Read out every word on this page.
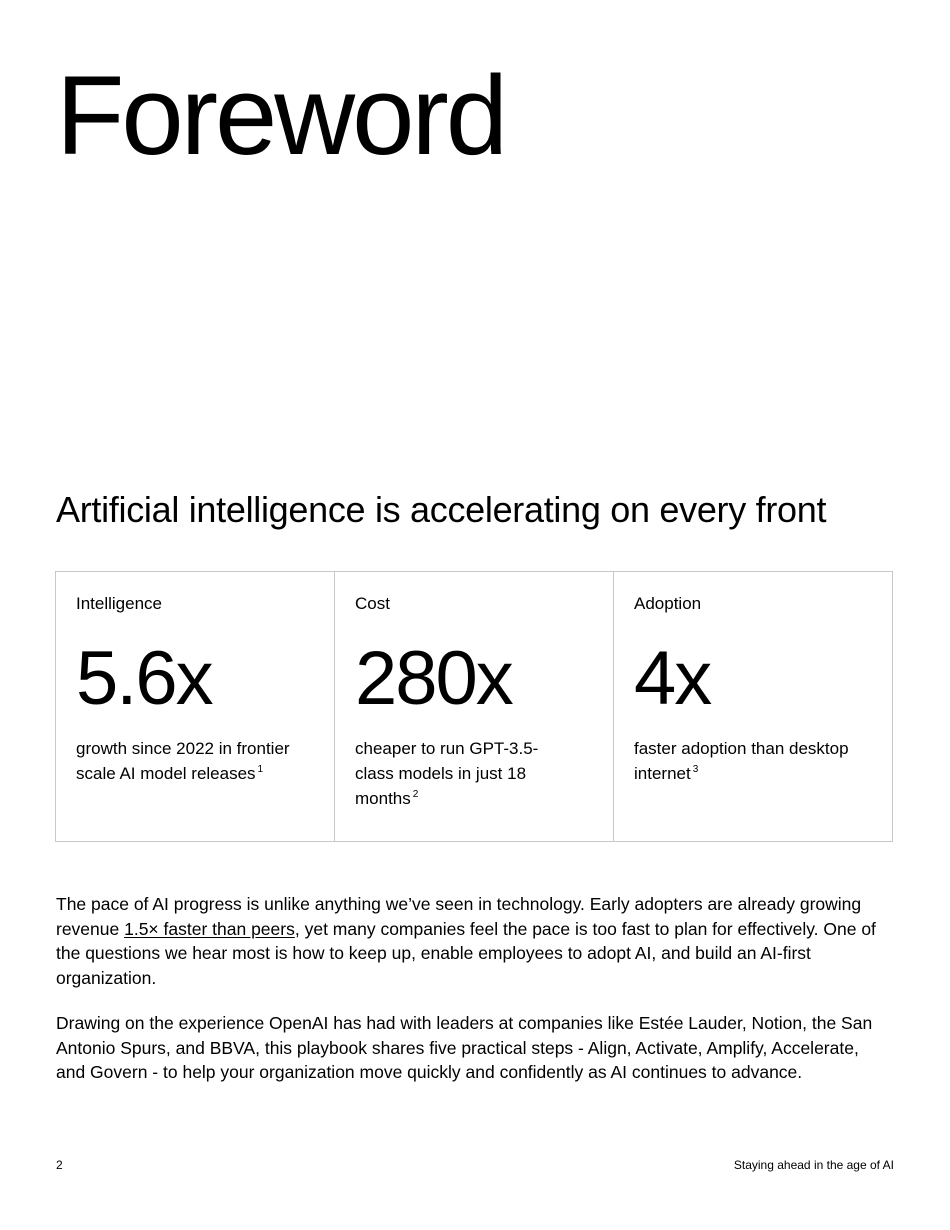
Foreword
Artificial intelligence is accelerating on every front
Intelligence
5.6x
growth since 2022 in frontier scale AI model releases $^1$
Cost
280x
cheaper to run GPT-3.5-class models in just 18 months $^2$
Adoption
4x
faster adoption than desktop internet $^3$

The pace of AI progress is unlike anything we’ve seen in technology. Early adopters are already growing revenue 1.5× faster than peers, yet many companies feel the pace is too fast to plan for effectively. One of the questions we hear most is how to keep up, enable employees to adopt AI, and build an AI-first organization.

Drawing on the experience OpenAI has had with leaders at companies like Estée Lauder, Notion, the San Antonio Spurs, and BBVA, this playbook shares five practical steps - Align, Activate, Amplify, Accelerate, and Govern - to help your organization move quickly and confidently as AI continues to advance.

2	Staying ahead in the age of AI
